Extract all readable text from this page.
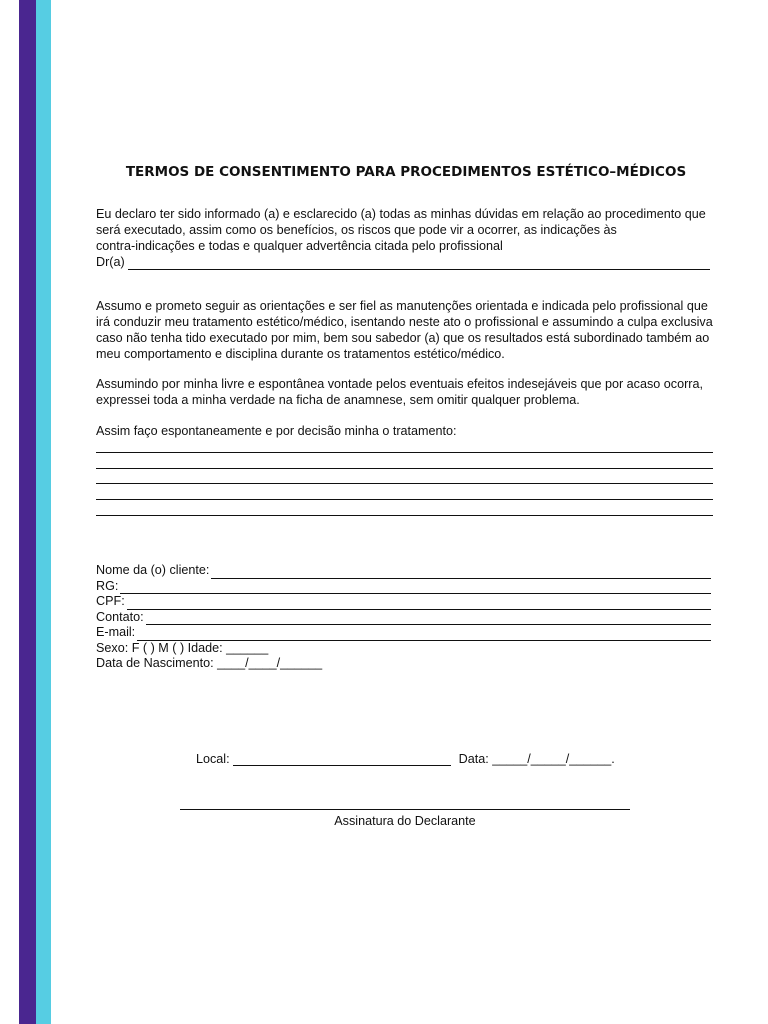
TERMOS DE CONSENTIMENTO PARA PROCEDIMENTOS ESTÉTICO–MÉDICOS
Eu declaro ter sido informado (a) e esclarecido (a) todas as minhas dúvidas em relação ao procedimento que
será executado, assim como os benefícios, os riscos que pode vir a ocorrer, as indicações às
contra-indicações e todas e qualquer advertência citada pelo profissional
Dr(a)
Assumo e prometo seguir as orientações e ser fiel as manutenções orientada e indicada pelo profissional que
irá conduzir meu tratamento estético/médico, isentando neste ato o profissional e assumindo a culpa exclusiva
caso não tenha tido executado por mim, bem sou sabedor (a) que os resultados está subordinado também ao
meu comportamento e disciplina durante os tratamentos estético/médico.
Assumindo por minha livre e espontânea vontade pelos eventuais efeitos indesejáveis que por acaso ocorra,
expressei toda a minha verdade na ficha de anamnese, sem omitir qualquer problema.
Assim faço espontaneamente e por decisão minha o tratamento:
Nome da (o) cliente:
RG:
CPF:
Contato:
E-mail:
Sexo: F ( ) M ( ) Idade: ______
Data de Nascimento: ____/____/______
Local:	Data: _____/_____/______.
Assinatura do Declarante
